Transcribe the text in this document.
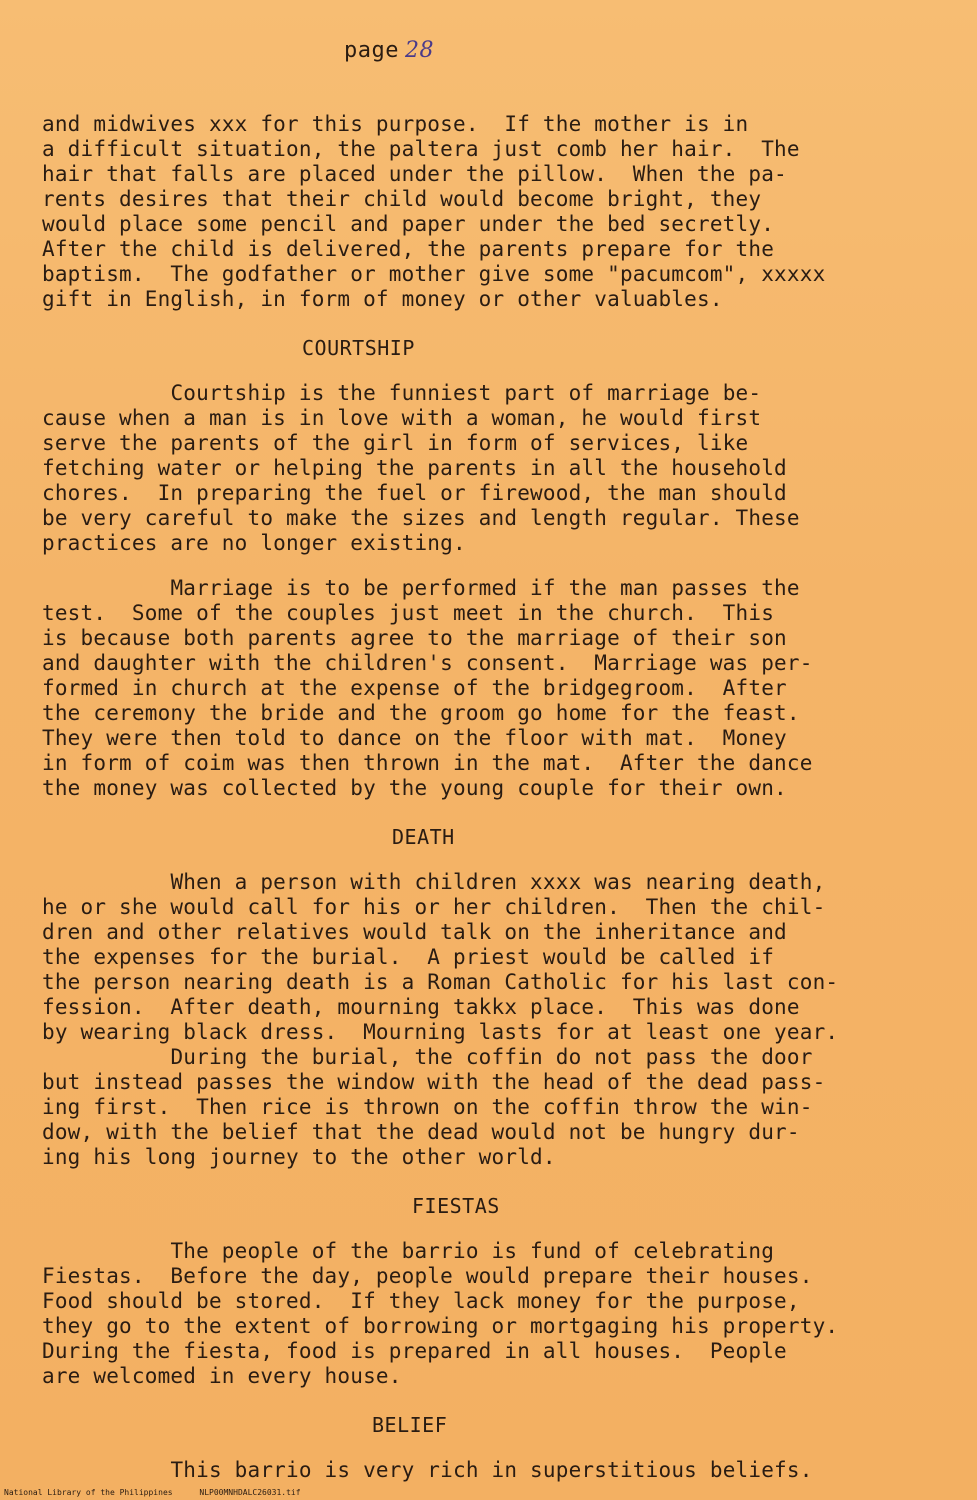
page 28

and midwives xxx for this purpose.  If the mother is in
a difficult situation, the paltera just comb her hair.  The
hair that falls are placed under the pillow.  When the pa-
rents desires that their child would become bright, they
would place some pencil and paper under the bed secretly.
After the child is delivered, the parents prepare for the
baptism.  The godfather or mother give some "pacumcom", xxxxx
gift in English, in form of money or other valuables.

COURTSHIP

Courtship is the funniest part of marriage be-
cause when a man is in love with a woman, he would first
serve the parents of the girl in form of services, like
fetching water or helping the parents in all the household
chores.  In preparing the fuel or firewood, the man should
be very careful to make the sizes and length regular. These
practices are no longer existing.

Marriage is to be performed if the man passes the
test.  Some of the couples just meet in the church.  This
is because both parents agree to the marriage of their son
and daughter with the children's consent.  Marriage was per-
formed in church at the expense of the bridgegroom.  After
the ceremony the bride and the groom go home for the feast.
They were then told to dance on the floor with mat.  Money
in form of coim was then thrown in the mat.  After the dance
the money was collected by the young couple for their own.

DEATH

When a person with children xxxx was nearing death,
he or she would call for his or her children.  Then the chil-
dren and other relatives would talk on the inheritance and
the expenses for the burial.  A priest would be called if
the person nearing death is a Roman Catholic for his last con-
fession.  After death, mourning takkx place.  This was done
by wearing black dress.  Mourning lasts for at least one year.

During the burial, the coffin do not pass the door
but instead passes the window with the head of the dead pass-
ing first.  Then rice is thrown on the coffin throw the win-
dow, with the belief that the dead would not be hungry dur-
ing his long journey to the other world.

FIESTAS

The people of the barrio is fund of celebrating
Fiestas.  Before the day, people would prepare their houses.
Food should be stored.  If they lack money for the purpose,
they go to the extent of borrowing or mortgaging his property.
During the fiesta, food is prepared in all houses.  People
are welcomed in every house.

BELIEF

This barrio is very rich in superstitious beliefs.

National Library of the Philippines	NLP00MNHDALC26031.tif
